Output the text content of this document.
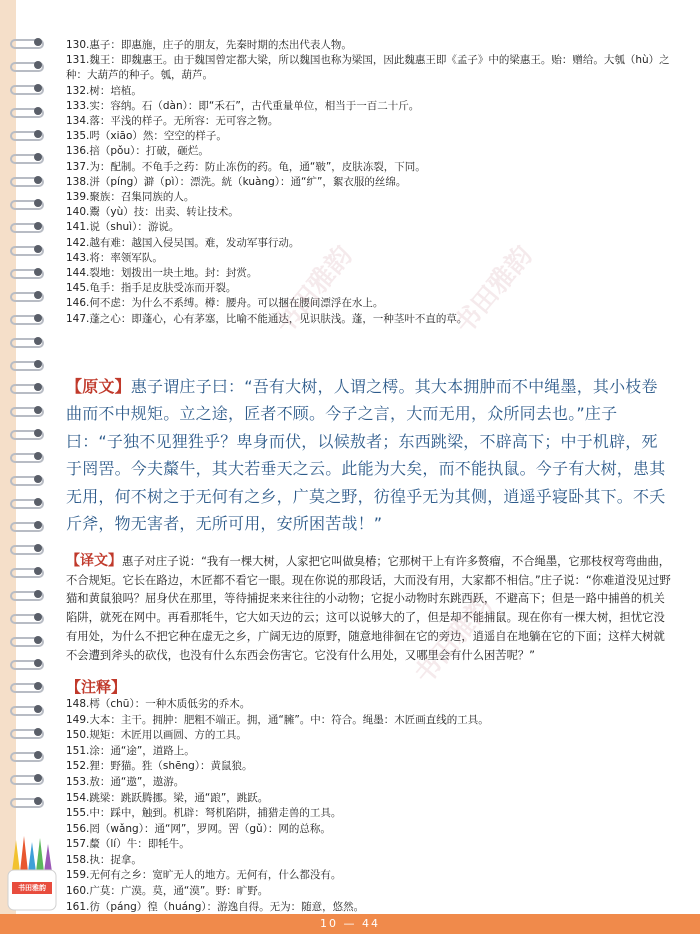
130.惠子：即惠施，庄子的朋友，先秦时期的杰出代表人物。

131.魏王：即魏惠王。由于魏国曾定都大梁，所以魏国也称为梁国，因此魏惠王即《孟子》中的梁惠王。贻：赠给。大瓠（hù）之种：大葫芦的种子。瓠，葫芦。

132.树：培植。

133.实：容纳。石（dàn）：即“禾石”，古代重量单位，相当于一百二十斤。

134.落：平浅的样子。无所容：无可容之物。

135.呺（xiāo）然：空空的样子。

136.掊（pǒu）：打破，砸烂。

137.为：配制。不龟手之药：防止冻伤的药。龟，通“皲”，皮肤冻裂，下同。

138.洴（píng）澼（pì）：漂洗。絖（kuàng）：通“纩”，絮衣服的丝绵。

139.聚族：召集同族的人。

140.鬻（yù）技：出卖、转让技术。

141.说（shuì）：游说。

142.越有难：越国入侵吴国。难，发动军事行动。

143.将：率领军队。

144.裂地：划拨出一块土地。封：封赏。

145.龟手：指手足皮肤受冻而开裂。

146.何不虑：为什么不系缚。樽：腰舟。可以捆在腰间漂浮在水上。

147.蓬之心：即蓬心，心有茅塞，比喻不能通达，见识肤浅。蓬，一种茎叶不直的草。

【原文】惠子谓庄子曰：“吾有大树，人谓之樗。其大本拥肿而不中绳墨，其小枝卷曲而不中规矩。立之途，匠者不顾。今子之言，大而无用，众所同去也。”庄子曰：“子独不见狸狌乎？卑身而伏，以候敖者；东西跳梁，不辟高下；中于机辟，死于罔罟。今夫斄牛，其大若垂天之云。此能为大矣，而不能执鼠。今子有大树，患其无用，何不树之于无何有之乡，广莫之野，彷徨乎无为其侧，逍遥乎寝卧其下。不夭斤斧，物无害者，无所可用，安所困苦哉！”

【译文】惠子对庄子说：“我有一棵大树，人家把它叫做臭椿；它那树干上有许多赘瘤，不合绳墨，它那枝杈弯弯曲曲，不合规矩。它长在路边，木匠都不看它一眼。现在你说的那段话，大而没有用，大家都不相信。”庄子说：“你难道没见过野猫和黄鼠狼吗？屈身伏在那里，等待捕捉来来往往的小动物；它捉小动物时东跳西跃，不避高下；但是一路中捕兽的机关陷阱，就死在网中。再看那牦牛，它大如天边的云；这可以说够大的了，但是却不能捕鼠。现在你有一棵大树，担忧它没有用处，为什么不把它种在虚无之乡，广阔无边的原野，随意地徘徊在它的旁边，逍遥自在地躺在它的下面；这样大树就不会遭到斧头的砍伐，也没有什么东西会伤害它。它没有什么用处，又哪里会有什么困苦呢？”

【注释】

148.樗（chū）：一种木质低劣的乔木。

149.大本：主干。拥肿：肥粗不端正。拥，通“臃”。中：符合。绳墨：木匠画直线的工具。

150.规矩：木匠用以画圆、方的工具。

151.涂：通“途”，道路上。

152.狸：野猫。狌（shēng）：黄鼠狼。

153.敖：通“遨”，遨游。

154.跳梁：跳跃腾挪。梁，通“踉”，跳跃。

155.中：踩中，触到。机辟：弩机陷阱，捕猎走兽的工具。

156.罔（wǎng）：通“网”，罗网。罟（gǔ）：网的总称。

157.斄（lí）牛：即牦牛。

158.执：捉拿。

159.无何有之乡：宽旷无人的地方。无何有，什么都没有。

160.广莫：广漠。莫，通“漠”。野：旷野。

161.彷（páng）徨（huáng）：游逸自得。无为：随意，悠然。

书田雅韵
10 — 44
